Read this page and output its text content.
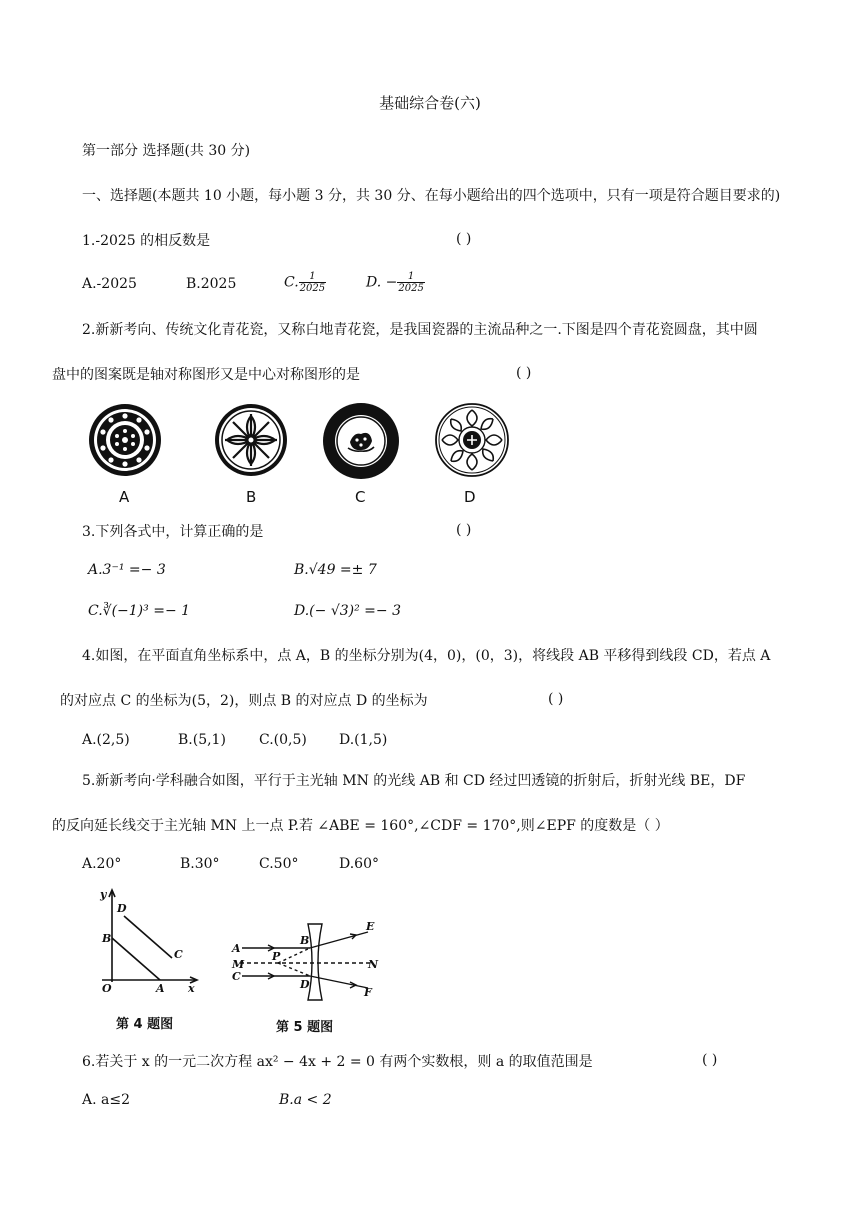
基础综合卷(六)
第一部分 选择题(共 30 分)
一、选择题(本题共 10 小题，每小题 3 分，共 30 分、在每小题给出的四个选项中，只有一项是符合题目要求的)
1.-2025 的相反数是	( )
A.-2025	B.2025	C. $\frac{1}{2025}$	D. − $\frac{1}{2025}$
2.新新考向、传统文化青花瓷，又称白地青花瓷，是我国瓷器的主流品种之一.下图是四个青花瓷圆盘，其中圆
盘中的图案既是轴对称图形又是中心对称图形的是	( )
A	B	C	D
3.下列各式中，计算正确的是	( )
A.3⁻¹ =− 3	B.√49 =± 7
C.∛(−1)³ =− 1	D.(− √3)² =− 3
4.如图，在平面直角坐标系中，点 A，B 的坐标分别为(4，0)，(0，3)，将线段 AB 平移得到线段 CD，若点 A
的对应点 C 的坐标为(5，2)，则点 B 的对应点 D 的坐标为	( )
A.(2,5)	B.(5,1) C.(0,5) D.(1,5)
5.新新考向·学科融合如图，平行于主光轴 MN 的光线 AB 和 CD 经过凹透镜的折射后，折射光线 BE，DF
的反向延长线交于主光轴 MN 上一点 P.若 ∠ABE = 160°,∠CDF = 170°,则∠EPF 的度数是（ ）
A.20°	B.30°	C.50°	D.60°
y
x
O	A
B
C
D
第 4 题图
A
B
M
C
P
D
E
N
F
第 5 题图
6.若关于 x 的一元二次方程 ax² − 4x + 2 = 0 有两个实数根，则 a 的取值范围是	( )
A. a≤2	B.a < 2
